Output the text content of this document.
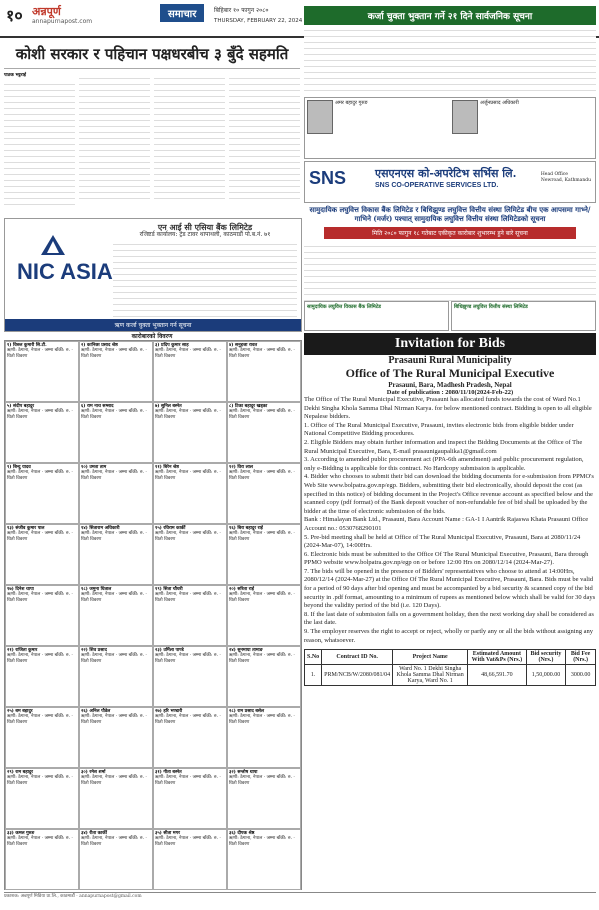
१० अन्नपूर्ण
annapurnapost.com
समाचार	बिहिबार १० फागुन २०८०
THURSDAY, FEBRUARY 22, 2024
कोशी सरकार र पहिचान पक्षधरबीच ३ बुँदे सहमति
पाठक भट्टराई
NIC ASIA
एन आई सी एसिया बैंक लिमिटेड
रजिष्टर्ड कार्यालय: ट्रेड टावर थापाथली, काठमाडौं पो.ब.नं. ७१
ऋण कर्जा चुक्ता भुक्तान गर्न सूचना
कारोबारको विवरण
१) विरुल कुमारी सि.टी.
ऋणी: ठेगाना, नेपाल · जम्मा बाँकी: रु. · धितो विवरण
२) कानिछा प्रसाद श्रेष्ठ
ऋणी: ठेगाना, नेपाल · जम्मा बाँकी: रु. · धितो विवरण
३) प्रदिप कुमार साह
ऋणी: ठेगाना, नेपाल · जम्मा बाँकी: रु. · धितो विवरण
४) सनुहजा रावत
ऋणी: ठेगाना, नेपाल · जम्मा बाँकी: रु. · धितो विवरण
५) संदीप बहादुर
ऋणी: ठेगाना, नेपाल · जम्मा बाँकी: रु. · धितो विवरण
६) राम नाथ सम्साद
ऋणी: ठेगाना, नेपाल · जम्मा बाँकी: रु. · धितो विवरण
७) सुनिल बस्नेत
ऋणी: ठेगाना, नेपाल · जम्मा बाँकी: रु. · धितो विवरण
८) टिका बहादुर खड्का
ऋणी: ठेगाना, नेपाल · जम्मा बाँकी: रु. · धितो विवरण
९) बिन्दु यादव
ऋणी: ठेगाना, नेपाल · जम्मा बाँकी: रु. · धितो विवरण
१०) उमता ताम
ऋणी: ठेगाना, नेपाल · जम्मा बाँकी: रु. · धितो विवरण
११) बिरेन श्रेष्ठ
ऋणी: ठेगाना, नेपाल · जम्मा बाँकी: रु. · धितो विवरण
१२) विरा लाल
ऋणी: ठेगाना, नेपाल · जम्मा बाँकी: रु. · धितो विवरण
१३) संजीव कुमार पाल
ऋणी: ठेगाना, नेपाल · जम्मा बाँकी: रु. · धितो विवरण
१४) सिताराम अधिकारी
ऋणी: ठेगाना, नेपाल · जम्मा बाँकी: रु. · धितो विवरण
१५) रविराम कार्की
ऋणी: ठेगाना, नेपाल · जम्मा बाँकी: रु. · धितो विवरण
१६) बिरा बहादुर राई
ऋणी: ठेगाना, नेपाल · जम्मा बाँकी: रु. · धितो विवरण
१७) दिनेश थापा
ऋणी: ठेगाना, नेपाल · जम्मा बाँकी: रु. · धितो विवरण
१८) जमुना धिताल
ऋणी: ठेगाना, नेपाल · जम्मा बाँकी: रु. · धितो विवरण
१९) सिता चौधरी
ऋणी: ठेगाना, नेपाल · जम्मा बाँकी: रु. · धितो विवरण
२०) सरिता राई
ऋणी: ठेगाना, नेपाल · जम्मा बाँकी: रु. · धितो विवरण
२१) राजिता कुमार
ऋणी: ठेगाना, नेपाल · जम्मा बाँकी: रु. · धितो विवरण
२२) शिव प्रसाद
ऋणी: ठेगाना, नेपाल · जम्मा बाँकी: रु. · धितो विवरण
२३) उर्मिला पाण्डे
ऋणी: ठेगाना, नेपाल · जम्मा बाँकी: रु. · धितो विवरण
२४) सुनमाया तामाङ
ऋणी: ठेगाना, नेपाल · जम्मा बाँकी: रु. · धितो विवरण
२५) बम बहादुर
ऋणी: ठेगाना, नेपाल · जम्मा बाँकी: रु. · धितो विवरण
२६) अनिल पौडेल
ऋणी: ठेगाना, नेपाल · जम्मा बाँकी: रु. · धितो विवरण
२७) हरि भण्डारी
ऋणी: ठेगाना, नेपाल · जम्मा बाँकी: रु. · धितो विवरण
२८) राम प्रसाद बसेल
ऋणी: ठेगाना, नेपाल · जम्मा बाँकी: रु. · धितो विवरण
२९) राम बहादुर
ऋणी: ठेगाना, नेपाल · जम्मा बाँकी: रु. · धितो विवरण
३०) रमेश शर्मा
ऋणी: ठेगाना, नेपाल · जम्मा बाँकी: रु. · धितो विवरण
३१) गीता बस्नेत
ऋणी: ठेगाना, नेपाल · जम्मा बाँकी: रु. · धितो विवरण
३२) सन्तोष थापा
ऋणी: ठेगाना, नेपाल · जम्मा बाँकी: रु. · धितो विवरण
३३) कमल गुरुङ
ऋणी: ठेगाना, नेपाल · जम्मा बाँकी: रु. · धितो विवरण
३४) रीता कार्की
ऋणी: ठेगाना, नेपाल · जम्मा बाँकी: रु. · धितो विवरण
३५) सीता मगर
ऋणी: ठेगाना, नेपाल · जम्मा बाँकी: रु. · धितो विवरण
३६) दीपक श्रेष्ठ
ऋणी: ठेगाना, नेपाल · जम्मा बाँकी: रु. · धितो विवरण
प्रकाशक: अन्नपूर्ण मिडिया प्रा.लि., काठमाडौं · annapurnapost@gmail.com
कर्जा चुक्ता भुक्तान गर्ने २१ दिने सार्वजनिक सूचना
अमर बहादुर गुरुङ	अर्जुनप्रसाद अधिकारी
SNS	एसएनएस को-अपरेटिभ सर्भिस लि.
SNS CO-OPERATIVE SERVICES LTD.
Head Office
Newroad, Kathmandu
सामुदायिक लघुवित्त विकास बैंक लिमिटेड र बिधिझुण्ड लघुवित्त वित्तीय संस्था लिमिटेड बीच एक आपसमा गाभ्ने/गाभिने (मर्जर) पश्चात् सामुदायिक लघुवित्त वित्तीय संस्था लिमिटेडको सूचना
मिति २०८० फागुन १८ गतेबाट एकीकृत कारोबार शुभारम्भ हुने बारे सूचना
सामुदायिक लघुवित्त विकास बैंक लिमिटेड	बिधिझुण्ड लघुवित्त वित्तीय संस्था लिमिटेड
Invitation for Bids
Prasauni Rural Municipality
Office of The Rural Municipal Executive
Prasauni, Bara, Madhesh Pradesh, Nepal
Date of publication : 2080/11/10(2024-Feb-22)
The Office of The Rural Municipal Executive, Prasauni has allocated funds towards the cost of Ward No.1 Dekhi Singha Khola Samma Dhal Nirman Karya. for below mentioned contract. Bidding is open to all eligible Nepalese bidders.
1. Office of The Rural Municipal Executive, Prasauni, invites electronic bids from eligible bidder under National Competitive Bidding procedures.
2. Eligible Bidders may obtain further information and inspect the Bidding Documents at the Office of The Rural Municipal Executive, Bara, E-mail prasaunigaupalika1@gmail.com
3. According to amended public procurement act (PPA-6th amendment) and public procurement regulation, only e-Bidding is applicable for this contract. No Hardcopy submission is applicable.
4. Bidder who chooses to submit their bid can download the bidding documents for e-submission from PPMO's Web Site www.bolpatra.gov.np/egp. Bidders, submitting their bid electronically, should deposit the cost (as specified in this notice) of bidding document in the Project's Office revenue account as specified below and the scanned copy (pdf format) of the Bank deposit voucher of non-refundable fee of bid shall be uploaded by the bidder at the time of electronic submission of the bids.
Bank : Himalayan Bank Ltd., Prasauni, Bara Account Name : GA-1 I Aantrik Rajaswa Khata Prasauni Office Account no.: 0530768290101
5. Pre-bid meeting shall be held at Office of The Rural Municipal Executive, Prasauni, Bara at 2080/11/24 (2024-Mar-07), 14:00Hrs.
6. Electronic bids must be submitted to the Office Of The Rural Municipal Executive, Prasauni, Bara through PPMO website www.bolpatra.gov.np/egp on or before 12:00 Hrs on 2080/12/14 (2024-Mar-27).
7. The bids will be opened in the presence of Bidders' representatives who choose to attend at 14:00Hrs, 2080/12/14 (2024-Mar-27) at the Office Of The Rural Municipal Executive, Prasauni, Bara. Bids must be valid for a period of 90 days after bid opening and must be accompanied by a bid security & scanned copy of the bid security in .pdf format, amounting to a minimum of rupees as mentioned below which shall be valid for 30 days beyond the validity period of the bid (i.e. 120 Days).
8. If the last date of submission falls on a government holiday, then the next working day shall be considered as the last date.
9. The employer reserves the right to accept or reject, wholly or partly any or all the bids without assigning any reason, whatsoever.
S.No	Contract ID No.	Project Name	Estimated Amount With Vat&Ps (Nrs.)	Bid security (Nrs.)	Bid Fee (Nrs.)
1.	PRM/NCB/W/2080/081/04	Ward No. 1 Dekhi Singha Khola Samma Dhal Nirman Karya, Ward No. 1	48,66,591.70	1,50,000.00	3000.00
